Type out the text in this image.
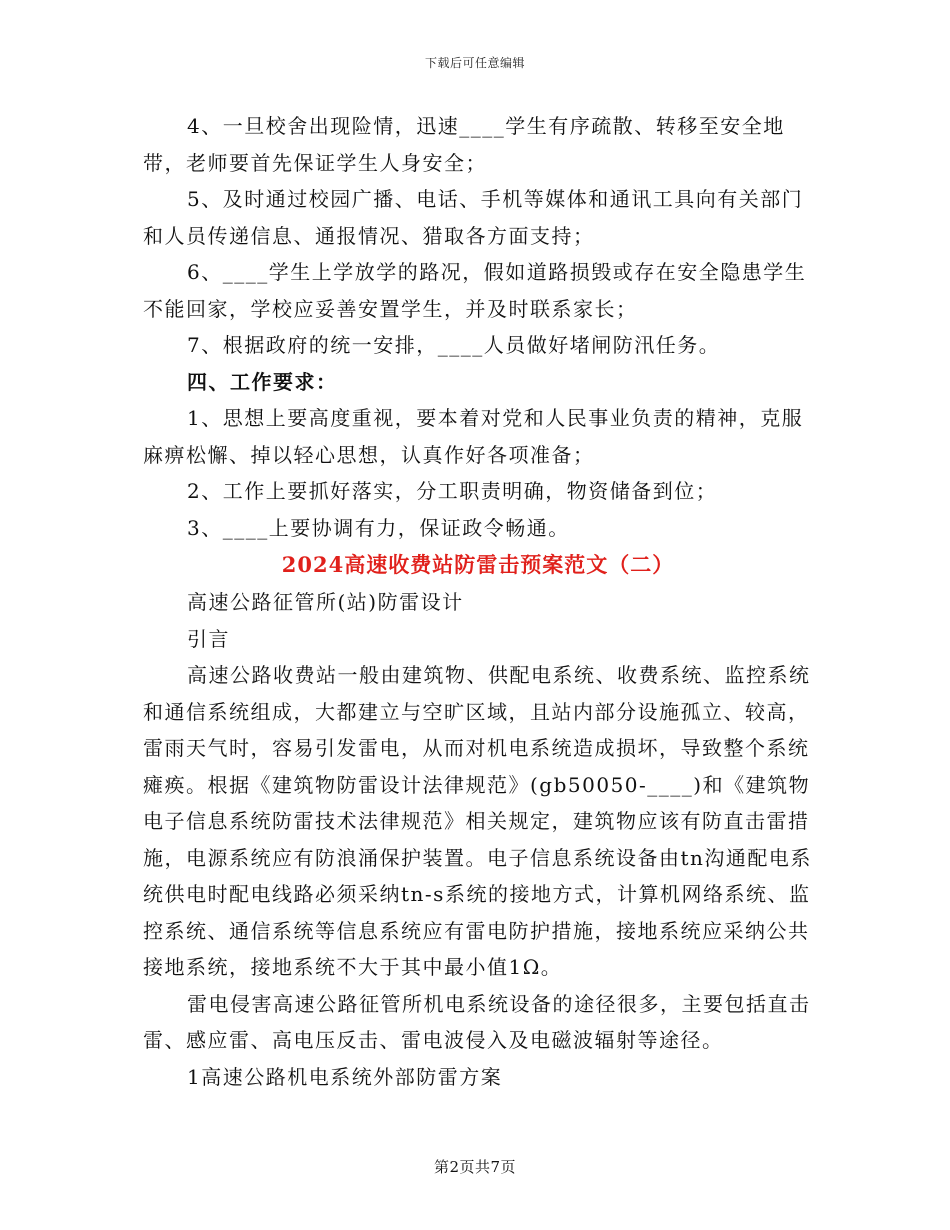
下载后可任意编辑

4、一旦校舍出现险情，迅速____学生有序疏散、转移至安全地带，老师要首先保证学生人身安全；

5、及时通过校园广播、电话、手机等媒体和通讯工具向有关部门和人员传递信息、通报情况、猎取各方面支持；

6、____学生上学放学的路况，假如道路损毁或存在安全隐患学生不能回家，学校应妥善安置学生，并及时联系家长；

7、根据政府的统一安排，____人员做好堵闸防汛任务。

四、工作要求：

1、思想上要高度重视，要本着对党和人民事业负责的精神，克服麻痹松懈、掉以轻心思想，认真作好各项准备；

2、工作上要抓好落实，分工职责明确，物资储备到位；

3、____上要协调有力，保证政令畅通。

2024高速收费站防雷击预案范文（二）

高速公路征管所(站)防雷设计

引言

高速公路收费站一般由建筑物、供配电系统、收费系统、监控系统和通信系统组成，大都建立与空旷区域，且站内部分设施孤立、较高，雷雨天气时，容易引发雷电，从而对机电系统造成损坏，导致整个系统瘫痪。根据《建筑物防雷设计法律规范》(gb50050-____)和《建筑物电子信息系统防雷技术法律规范》相关规定，建筑物应该有防直击雷措施，电源系统应有防浪涌保护装置。电子信息系统设备由tn沟通配电系统供电时配电线路必须采纳tn-s系统的接地方式，计算机网络系统、监控系统、通信系统等信息系统应有雷电防护措施，接地系统应采纳公共接地系统，接地系统不大于其中最小值1Ω。

雷电侵害高速公路征管所机电系统设备的途径很多，主要包括直击雷、感应雷、高电压反击、雷电波侵入及电磁波辐射等途径。

1高速公路机电系统外部防雷方案

第2页共7页
